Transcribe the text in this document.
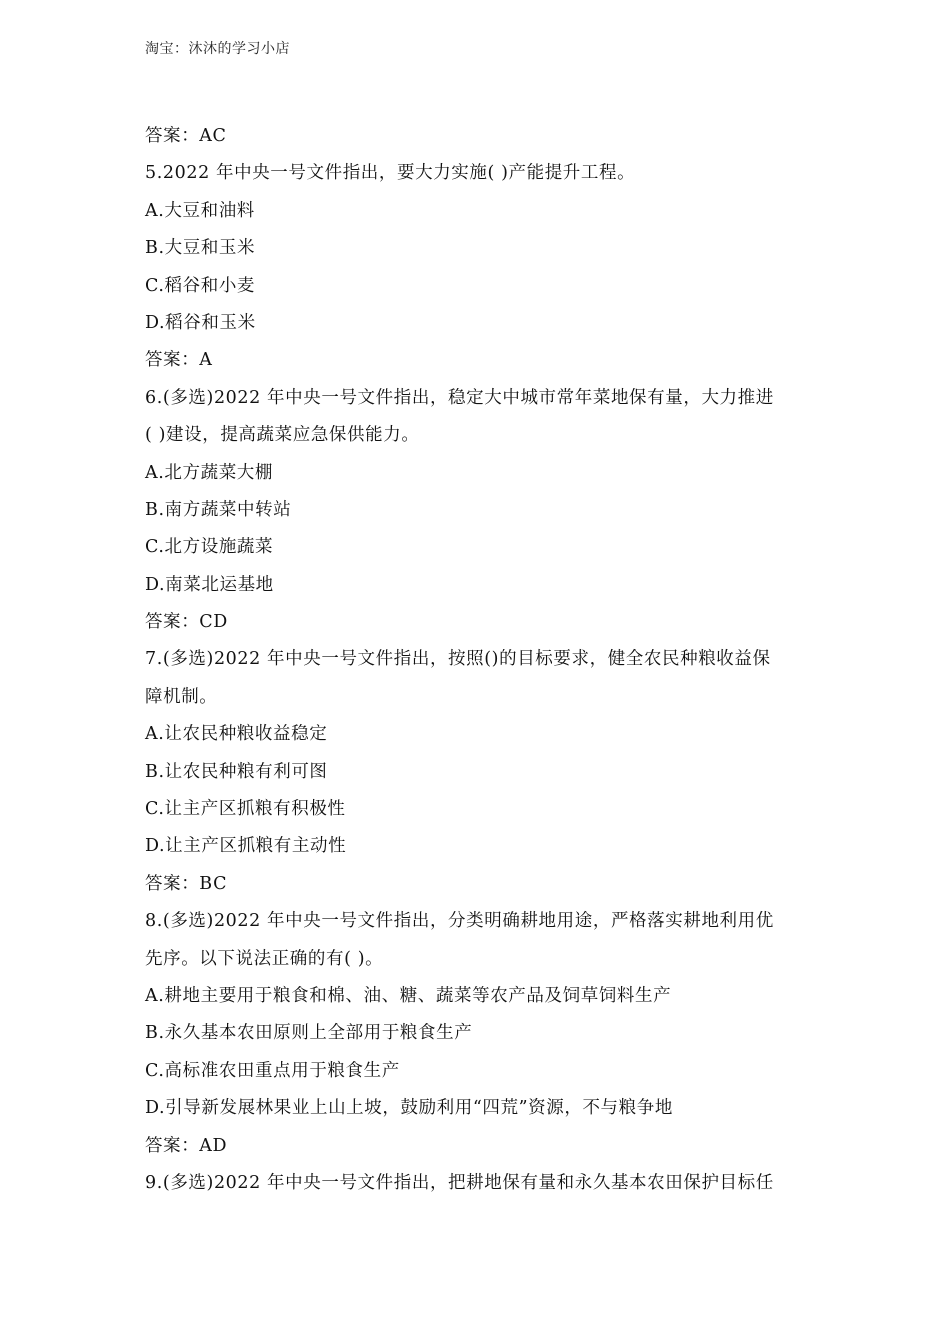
淘宝：沐沐的学习小店
答案：AC
5.2022 年中央一号文件指出，要大力实施( )产能提升工程。
A.大豆和油料
B.大豆和玉米
C.稻谷和小麦
D.稻谷和玉米
答案：A
6.(多选)2022 年中央一号文件指出，稳定大中城市常年菜地保有量，大力推进
( )建设，提高蔬菜应急保供能力。
A.北方蔬菜大棚
B.南方蔬菜中转站
C.北方设施蔬菜
D.南菜北运基地
答案：CD
7.(多选)2022 年中央一号文件指出，按照()的目标要求，健全农民种粮收益保
障机制。
A.让农民种粮收益稳定
B.让农民种粮有利可图
C.让主产区抓粮有积极性
D.让主产区抓粮有主动性
答案：BC
8.(多选)2022 年中央一号文件指出，分类明确耕地用途，严格落实耕地利用优
先序。以下说法正确的有( )。
A.耕地主要用于粮食和棉、油、糖、蔬菜等农产品及饲草饲料生产
B.永久基本农田原则上全部用于粮食生产
C.高标准农田重点用于粮食生产
D.引导新发展林果业上山上坡，鼓励利用“四荒”资源，不与粮争地
答案：AD
9.(多选)2022 年中央一号文件指出，把耕地保有量和永久基本农田保护目标任
